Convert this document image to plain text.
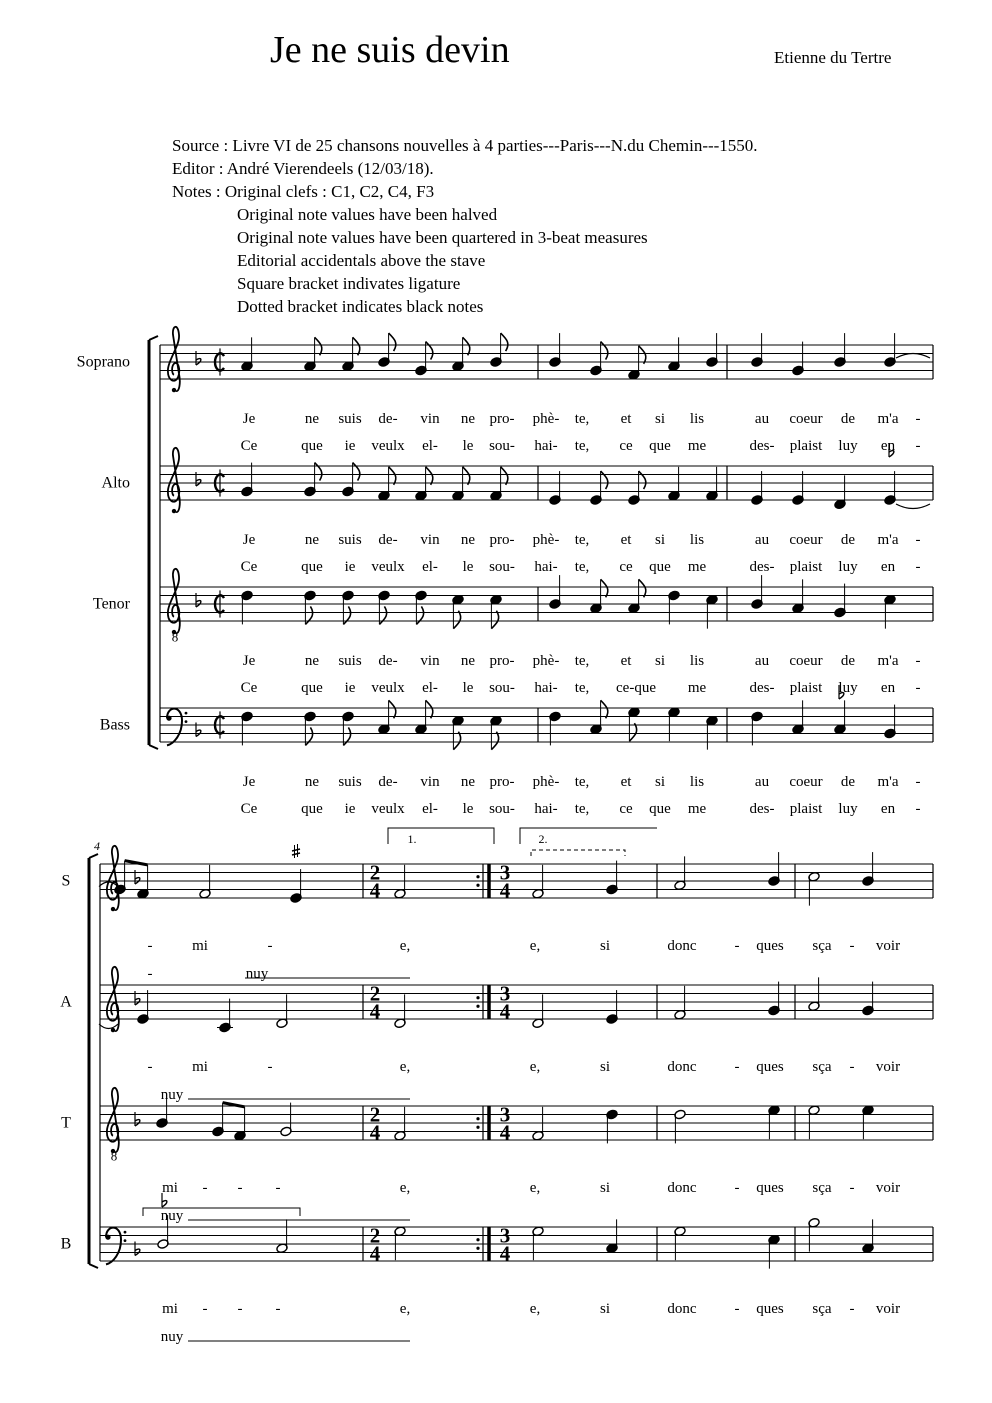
Je ne suis devin	Etienne du Tertre
Source : Livre VI de 25 chansons nouvelles à 4 parties---Paris---N.du Chemin---1550.
Editor : André Vierendeels (12/03/18).
Notes : Original clefs : C1, C2, C4, F3
Original note values have been halved
Original note values have been quartered in 3-beat measures
Editorial accidentals above the stave
Square bracket indivates ligature
Dotted bracket indicates black notes
Soprano
Alto
Tenor
Bass
8
Je	ne suis de- vin ne pro- phè- te, et si lis	au coeur de m'a -
Ce	que ie veulx el- le sou- hai- te, ce que me	des- plaist luy en -
Je	ne suis de- vin ne pro- phè- te, et si lis	au coeur de m'a -
Ce	que ie veulx el- le sou- hai- te, ce que me	des- plaist luy en -
Je	ne suis de- vin ne pro- phè- te, et si lis	au coeur de m'a -
Ce	que ie veulx el- le sou- hai- te, ce-que me	des- plaist luy en -
Je	ne suis de- vin ne pro- phè- te, et si lis	au coeur de m'a -
Ce	que ie veulx el- le sou- hai- te, ce que me	des- plaist luy en -
4
S
A
T
B
2
4
3
4
2
4
3
4
2
4
3
4
2
4
3
4
8
1.	2.
-	mi	-	e,	e,	si	donc	- ques sça - voir
-	nuy
-	mi	-	e,	e,	si	donc	- ques sça - voir
nuy
mi - - -	e,	e,	si	donc	- ques sça - voir
nuy
mi - - -	e,	e,	si	donc	- ques sça - voir
nuy
